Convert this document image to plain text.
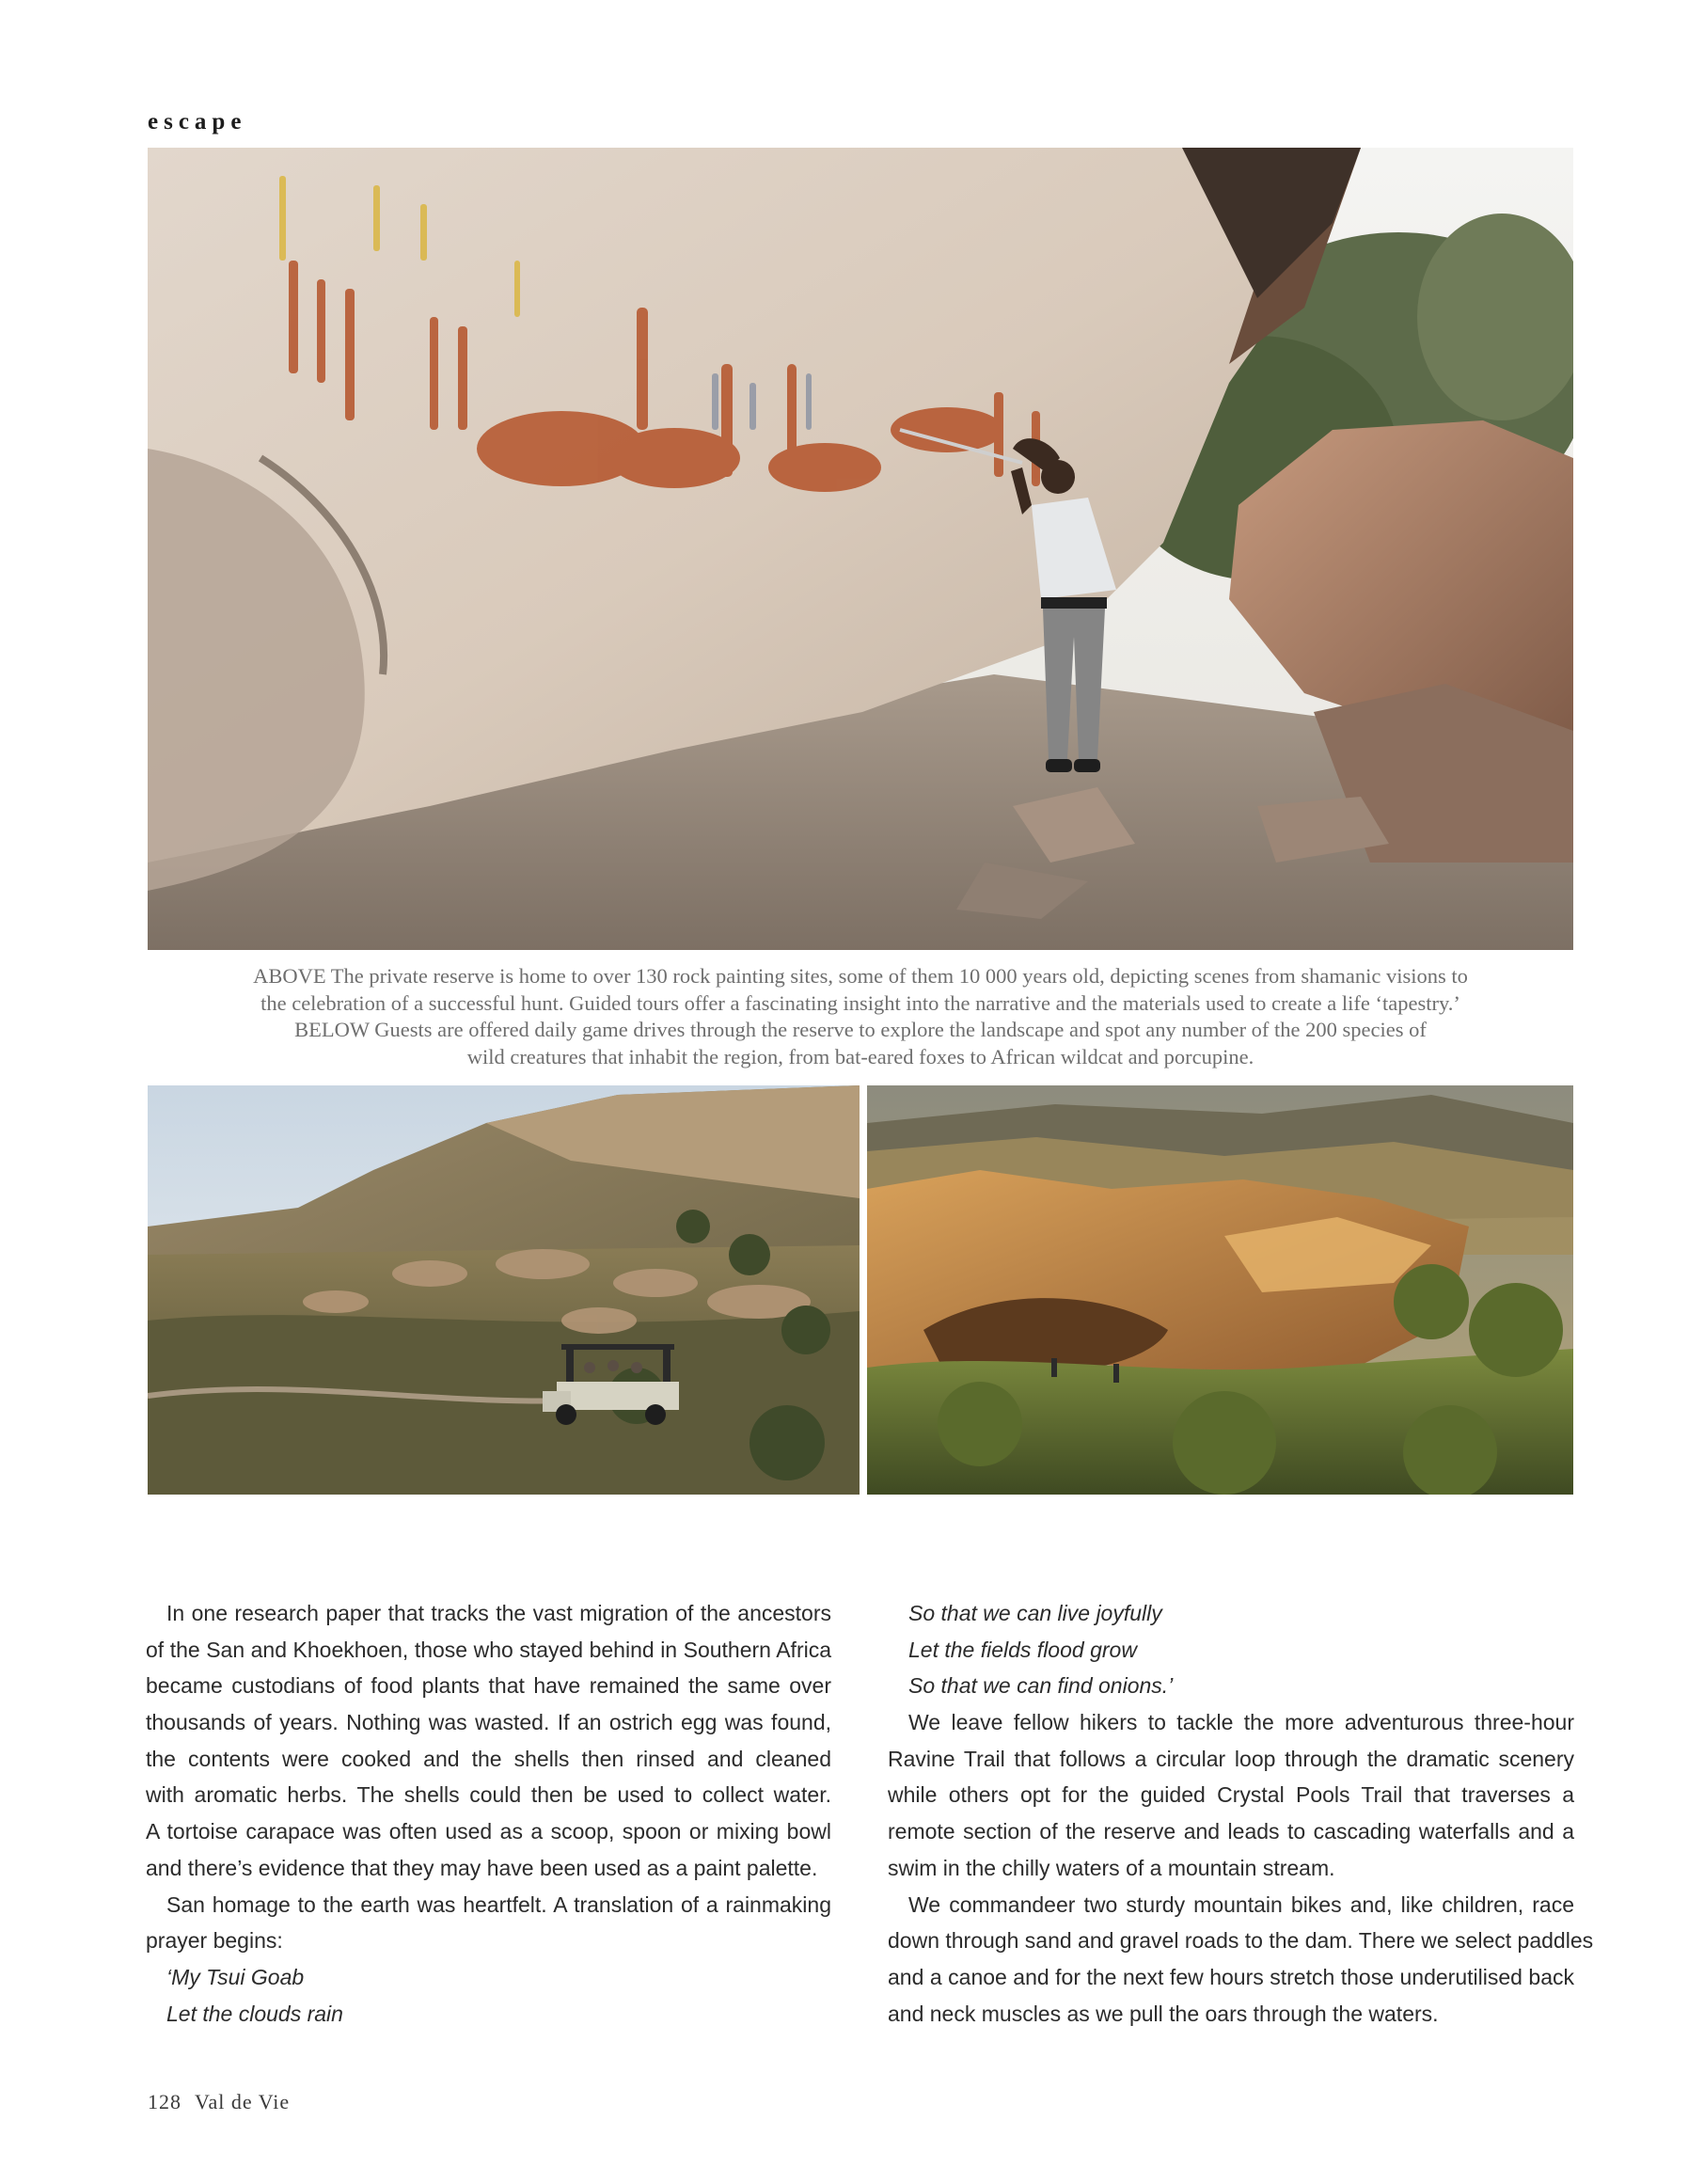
escape
ABOVE The private reserve is home to over 130 rock painting sites, some of them 10 000 years old, depicting scenes from shamanic visions to
the celebration of a successful hunt. Guided tours offer a fascinating insight into the narrative and the materials used to create a life ‘tapestry.’
BELOW Guests are offered daily game drives through the reserve to explore the landscape and spot any number of the 200 species of
wild creatures that inhabit the region, from bat-eared foxes to African wildcat and porcupine.
In one research paper that tracks the vast migration of the ancestors
of the San and Khoekhoen, those who stayed behind in Southern Africa
became custodians of food plants that have remained the same over
thousands of years. Nothing was wasted. If an ostrich egg was found,
the contents were cooked and the shells then rinsed and cleaned
with aromatic herbs. The shells could then be used to collect water.
A tortoise carapace was often used as a scoop, spoon or mixing bowl
and there’s evidence that they may have been used as a paint palette.
San homage to the earth was heartfelt. A translation of a rainmaking
prayer begins:
‘My Tsui Goab
Let the clouds rain
So that we can live joyfully
Let the fields flood grow
So that we can find onions.’
We leave fellow hikers to tackle the more adventurous three-hour
Ravine Trail that follows a circular loop through the dramatic scenery
while others opt for the guided Crystal Pools Trail that traverses a
remote section of the reserve and leads to cascading waterfalls and a
swim in the chilly waters of a mountain stream.
We commandeer two sturdy mountain bikes and, like children, race
down through sand and gravel roads to the dam. There we select paddles
and a canoe and for the next few hours stretch those underutilised back
and neck muscles as we pull the oars through the waters.
128 Val de Vie
